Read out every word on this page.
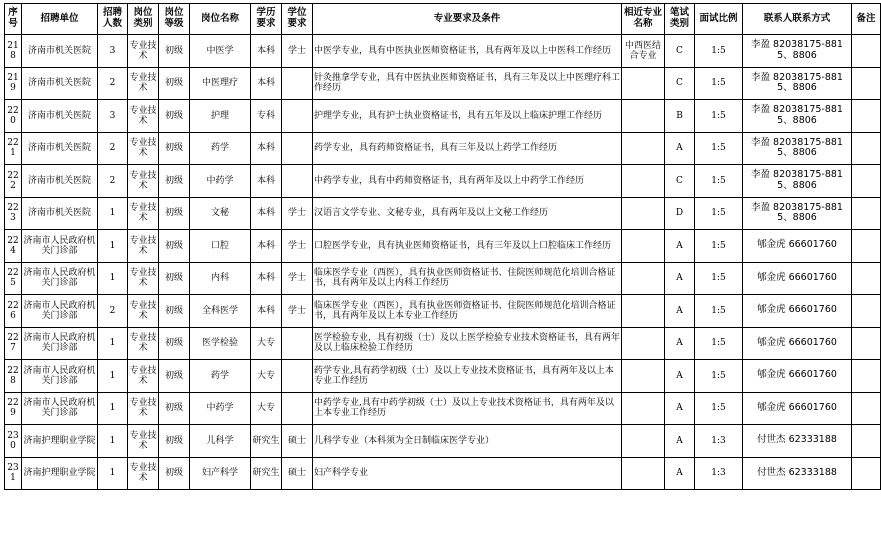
序号	招聘单位	招聘人数	岗位类别	岗位等级	岗位名称	学历要求	学位要求	专业要求及条件	相近专业名称	笔试类别	面试比例	联系人联系方式	备注
218	济南市机关医院	3	专业技术	初级	中医学	本科	学士	中医学专业，具有中医执业医师资格证书，具有两年及以上中医科工作经历	中西医结合专业	C	1:5	李盈 82038175-8815、8806	
219	济南市机关医院	2	专业技术	初级	中医理疗	本科		针灸推拿学专业，具有中医执业医师资格证书，具有三年及以上中医理疗科工作经历		C	1:5	李盈 82038175-8815、8806	
220	济南市机关医院	3	专业技术	初级	护理	专科		护理学专业，具有护士执业资格证书，具有五年及以上临床护理工作经历		B	1:5	李盈 82038175-8815、8806	
221	济南市机关医院	2	专业技术	初级	药学	本科		药学专业，具有药师资格证书，具有三年及以上药学工作经历		A	1:5	李盈 82038175-8815、8806	
222	济南市机关医院	2	专业技术	初级	中药学	本科		中药学专业，具有中药师资格证书，具有两年及以上中药学工作经历		C	1:5	李盈 82038175-8815、8806	
223	济南市机关医院	1	专业技术	初级	文秘	本科	学士	汉语言文学专业、文秘专业，具有两年及以上文秘工作经历		D	1:5	李盈 82038175-8815、8806	
224	济南市人民政府机关门诊部	1	专业技术	初级	口腔	本科	学士	口腔医学专业，具有执业医师资格证书，具有三年及以上口腔临床工作经历		A	1:5	郇金虎 66601760	
225	济南市人民政府机关门诊部	1	专业技术	初级	内科	本科	学士	临床医学专业（西医），具有执业医师资格证书、住院医师规范化培训合格证书，具有两年及以上内科工作经历		A	1:5	郇金虎 66601760	
226	济南市人民政府机关门诊部	2	专业技术	初级	全科医学	本科	学士	临床医学专业（西医），具有执业医师资格证书、住院医师规范化培训合格证书，具有两年及以上本专业工作经历		A	1:5	郇金虎 66601760	
227	济南市人民政府机关门诊部	1	专业技术	初级	医学检验	大专		医学检验专业，具有初级（士）及以上医学检验专业技术资格证书，具有两年及以上临床检验工作经历		A	1:5	郇金虎 66601760	
228	济南市人民政府机关门诊部	1	专业技术	初级	药学	大专		药学专业,具有药学初级（士）及以上专业技术资格证书，具有两年及以上本专业工作经历		A	1:5	郇金虎 66601760	
229	济南市人民政府机关门诊部	1	专业技术	初级	中药学	大专		中药学专业,具有中药学初级（士）及以上专业技术资格证书，具有两年及以上本专业工作经历		A	1:5	郇金虎 66601760	
230	济南护理职业学院	1	专业技术	初级	儿科学	研究生	硕士	儿科学专业（本科须为全日制临床医学专业）		A	1:3	付世杰 62333188	
231	济南护理职业学院	1	专业技术	初级	妇产科学	研究生	硕士	妇产科学专业		A	1:3	付世杰 62333188	
